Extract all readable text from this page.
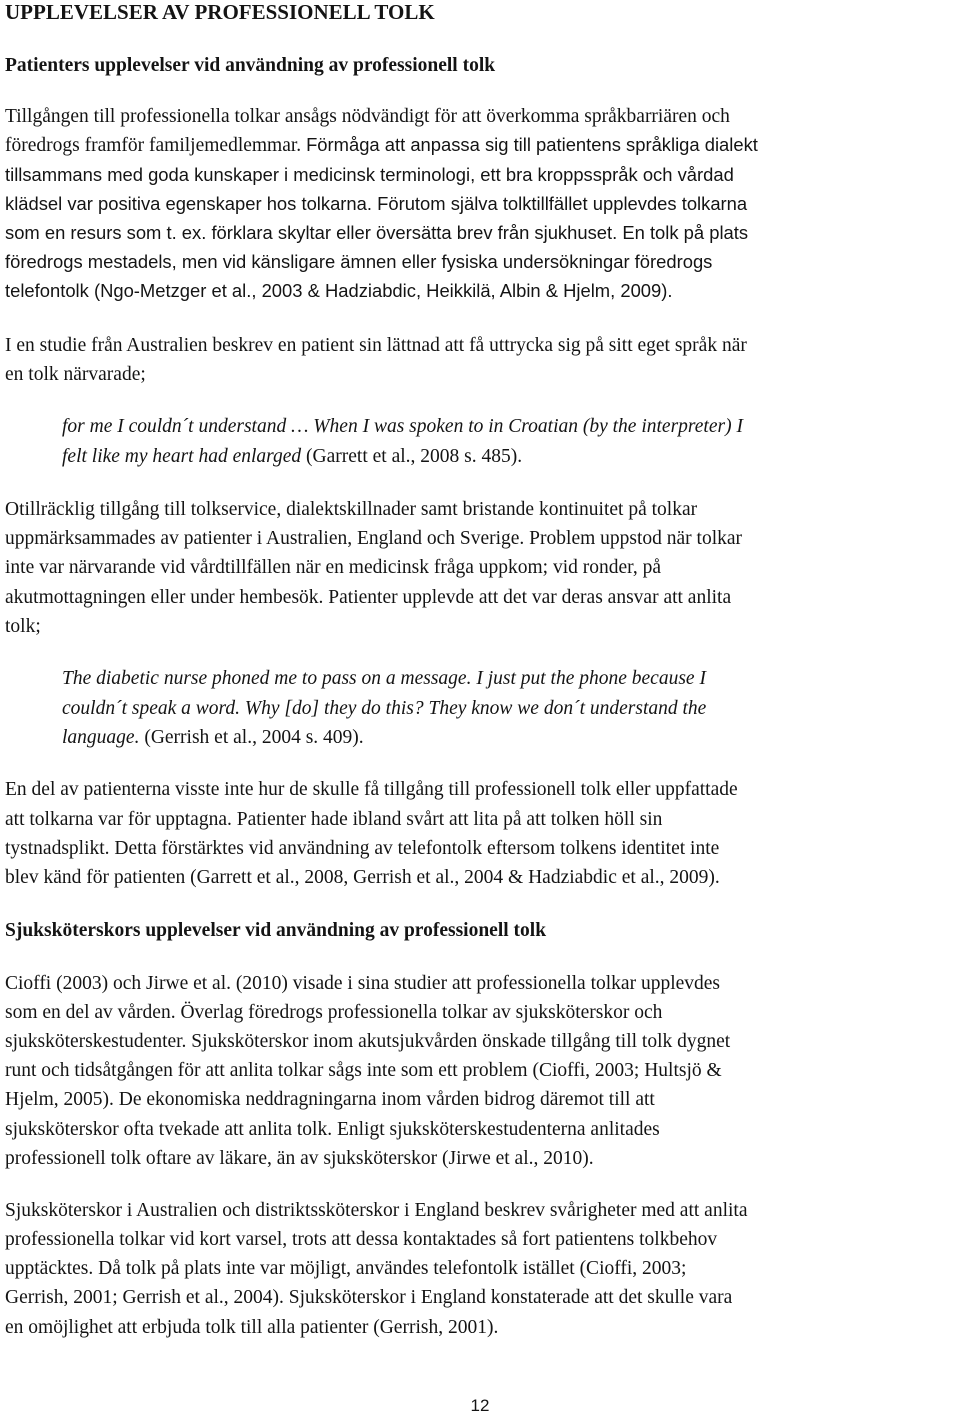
UPPLEVELSER AV PROFESSIONELL TOLK
Patienters upplevelser vid användning av professionell tolk
Tillgången till professionella tolkar ansågs nödvändigt för att överkomma språkbarriären och
föredrogs framför familjemedlemmar. Förmåga att anpassa sig till patientens språkliga dialekt
tillsammans med goda kunskaper i medicinsk terminologi, ett bra kroppsspråk och vårdad
klädsel var positiva egenskaper hos tolkarna. Förutom själva tolktillfället upplevdes tolkarna
som en resurs som t. ex. förklara skyltar eller översätta brev från sjukhuset. En tolk på plats
föredrogs mestadels, men vid känsligare ämnen eller fysiska undersökningar föredrogs
telefontolk (Ngo-Metzger et al., 2003 & Hadziabdic, Heikkilä, Albin & Hjelm, 2009).
I en studie från Australien beskrev en patient sin lättnad att få uttrycka sig på sitt eget språk när
en tolk närvarade;
for me I couldn´t understand … When I was spoken to in Croatian (by the interpreter) I
felt like my heart had enlarged (Garrett et al., 2008 s. 485).
Otillräcklig tillgång till tolkservice, dialektskillnader samt bristande kontinuitet på tolkar
uppmärksammades av patienter i Australien, England och Sverige. Problem uppstod när tolkar
inte var närvarande vid vårdtillfällen när en medicinsk fråga uppkom; vid ronder, på
akutmottagningen eller under hembesök. Patienter upplevde att det var deras ansvar att anlita
tolk;
The diabetic nurse phoned me to pass on a message. I just put the phone because I
couldn´t speak a word. Why [do] they do this? They know we don´t understand the
language. (Gerrish et al., 2004 s. 409).
En del av patienterna visste inte hur de skulle få tillgång till professionell tolk eller uppfattade
att tolkarna var för upptagna. Patienter hade ibland svårt att lita på att tolken höll sin
tystnadsplikt. Detta förstärktes vid användning av telefontolk eftersom tolkens identitet inte
blev känd för patienten (Garrett et al., 2008, Gerrish et al., 2004 & Hadziabdic et al., 2009).
Sjuksköterskors upplevelser vid användning av professionell tolk
Cioffi (2003) och Jirwe et al. (2010) visade i sina studier att professionella tolkar upplevdes
som en del av vården. Överlag föredrogs professionella tolkar av sjuksköterskor och
sjuksköterskestudenter. Sjuksköterskor inom akutsjukvården önskade tillgång till tolk dygnet
runt och tidsåtgången för att anlita tolkar sågs inte som ett problem (Cioffi, 2003; Hultsjö &
Hjelm, 2005). De ekonomiska neddragningarna inom vården bidrog däremot till att
sjuksköterskor ofta tvekade att anlita tolk. Enligt sjuksköterskestudenterna anlitades
professionell tolk oftare av läkare, än av sjuksköterskor (Jirwe et al., 2010).
Sjuksköterskor i Australien och distriktssköterskor i England beskrev svårigheter med att anlita
professionella tolkar vid kort varsel, trots att dessa kontaktades så fort patientens tolkbehov
upptäcktes. Då tolk på plats inte var möjligt, användes telefontolk istället (Cioffi, 2003;
Gerrish, 2001; Gerrish et al., 2004). Sjuksköterskor i England konstaterade att det skulle vara
en omöjlighet att erbjuda tolk till alla patienter (Gerrish, 2001).
12
